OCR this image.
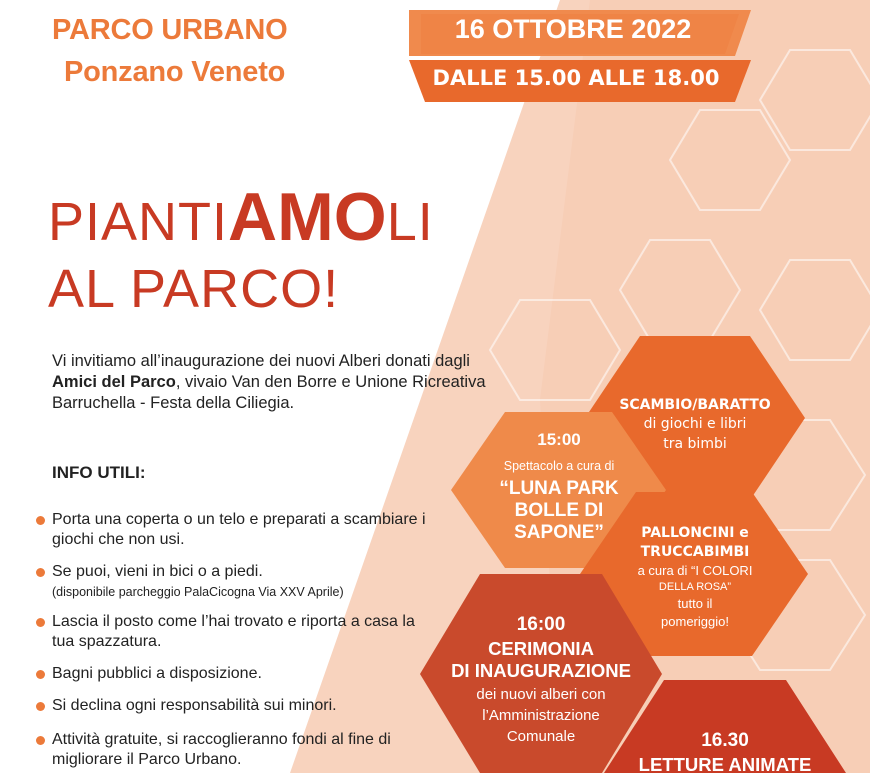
PARCO URBANO
Ponzano Veneto
16 OTTOBRE 2022
DALLE 15.00 ALLE 18.00
PIANTIAMOLI
AL PARCO!
Vi invitiamo all’inaugurazione dei nuovi Alberi donati dagli Amici del Parco, vivaio Van den Borre e Unione Ricreativa Barruchella - Festa della Ciliegia.
INFO UTILI:
Porta una coperta o un telo e preparati a scambiare i giochi che non usi.
Se puoi, vieni in bici o a piedi.
(disponibile parcheggio PalaCicogna Via XXV Aprile)
Lascia il posto come l’hai trovato e riporta a casa la tua spazzatura.
Bagni pubblici a disposizione.
Si declina ogni responsabilità sui minori.
Attività gratuite, si raccoglieranno fondi al fine di migliorare il Parco Urbano.
SCAMBIO/BARATTO
di giochi e libri
tra bimbi
15:00
Spettacolo a cura di
“LUNA PARK
BOLLE DI
SAPONE”	PALLONCINI e
TRUCCABIMBI
a cura di “I COLORI
DELLA ROSA”
tutto il
pomeriggio!
16:00
CERIMONIA
DI INAUGURAZIONE
dei nuovi alberi con
l’Amministrazione
Comunale	16.30
LETTURE ANIMATE
